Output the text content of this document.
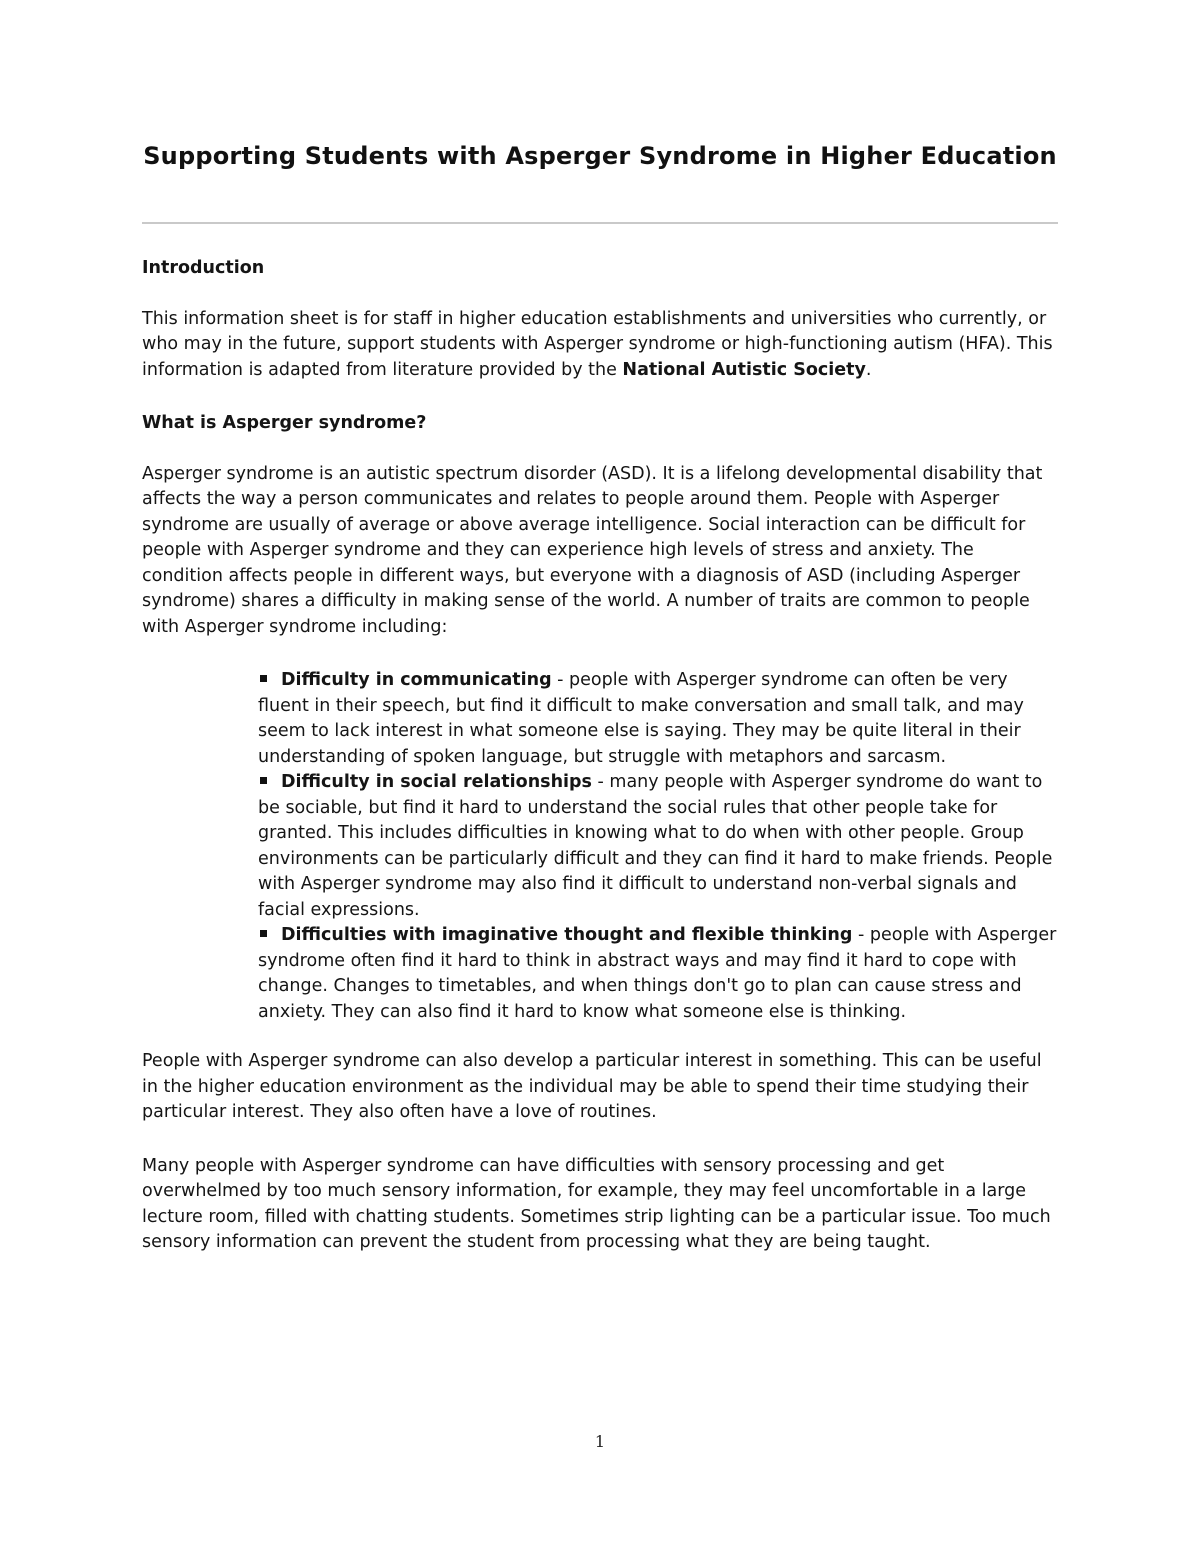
Supporting Students with Asperger Syndrome in Higher Education
Introduction

This information sheet is for staff in higher education establishments and universities who currently, or who may in the future, support students with Asperger syndrome or high-functioning autism (HFA). This information is adapted from literature provided by the National Autistic Society.

What is Asperger syndrome?

Asperger syndrome is an autistic spectrum disorder (ASD). It is a lifelong developmental disability that affects the way a person communicates and relates to people around them. People with Asperger syndrome are usually of average or above average intelligence. Social interaction can be difficult for people with Asperger syndrome and they can experience high levels of stress and anxiety. The condition affects people in different ways, but everyone with a diagnosis of ASD (including Asperger syndrome) shares a difficulty in making sense of the world. A number of traits are common to people with Asperger syndrome including:

Difficulty in communicating - people with Asperger syndrome can often be very fluent in their speech, but find it difficult to make conversation and small talk, and may seem to lack interest in what someone else is saying. They may be quite literal in their understanding of spoken language, but struggle with metaphors and sarcasm.
Difficulty in social relationships - many people with Asperger syndrome do want to be sociable, but find it hard to understand the social rules that other people take for granted. This includes difficulties in knowing what to do when with other people. Group environments can be particularly difficult and they can find it hard to make friends. People with Asperger syndrome may also find it difficult to understand non-verbal signals and facial expressions.
Difficulties with imaginative thought and flexible thinking - people with Asperger syndrome often find it hard to think in abstract ways and may find it hard to cope with change. Changes to timetables, and when things don't go to plan can cause stress and anxiety. They can also find it hard to know what someone else is thinking.

People with Asperger syndrome can also develop a particular interest in something. This can be useful in the higher education environment as the individual may be able to spend their time studying their particular interest. They also often have a love of routines.

Many people with Asperger syndrome can have difficulties with sensory processing and get overwhelmed by too much sensory information, for example, they may feel uncomfortable in a large lecture room, filled with chatting students. Sometimes strip lighting can be a particular issue. Too much sensory information can prevent the student from processing what they are being taught.

1
